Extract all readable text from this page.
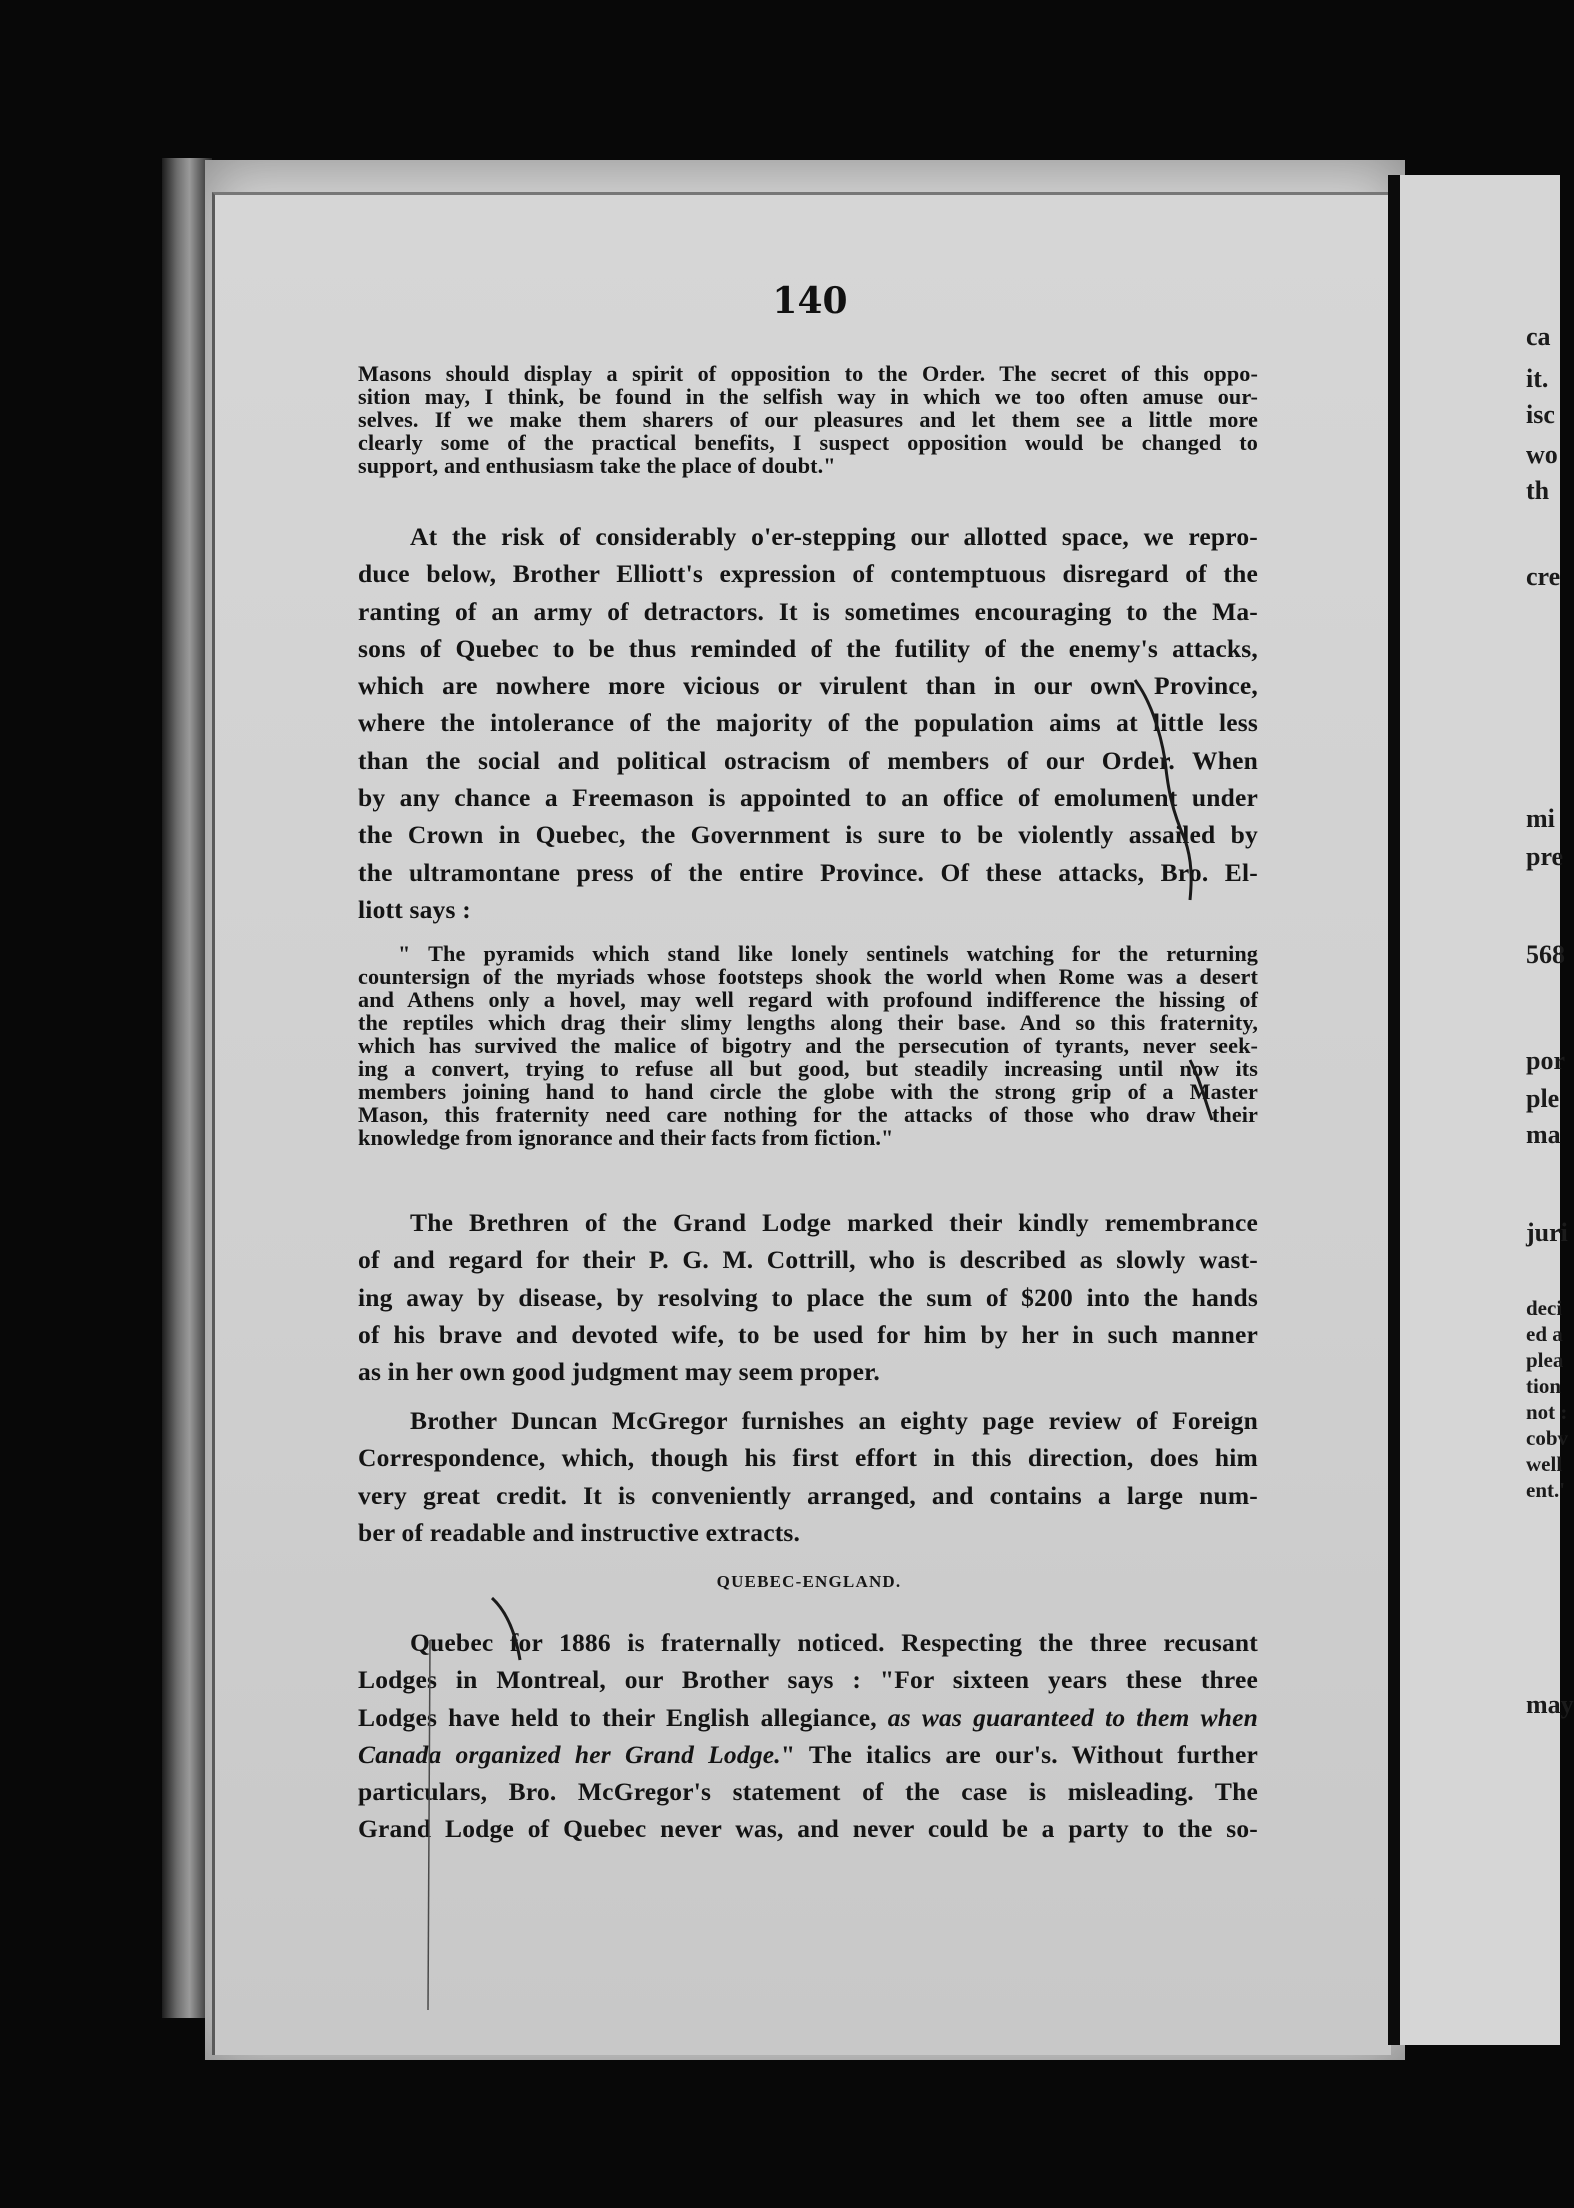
140
Masons should display a spirit of opposition to the Order. The secret of this oppo-
sition may, I think, be found in the selfish way in which we too often amuse our-
selves. If we make them sharers of our pleasures and let them see a little more
clearly some of the practical benefits, I suspect opposition would be changed to
support, and enthusiasm take the place of doubt."
At the risk of considerably o'er-stepping our allotted space, we repro-
duce below, Brother Elliott's expression of contemptuous disregard of the
ranting of an army of detractors. It is sometimes encouraging to the Ma-
sons of Quebec to be thus reminded of the futility of the enemy's attacks,
which are nowhere more vicious or virulent than in our own Province,
where the intolerance of the majority of the population aims at little less
than the social and political ostracism of members of our Order. When
by any chance a Freemason is appointed to an office of emolument under
the Crown in Quebec, the Government is sure to be violently assailed by
the ultramontane press of the entire Province. Of these attacks, Bro. El-
liott says :
" The pyramids which stand like lonely sentinels watching for the returning
countersign of the myriads whose footsteps shook the world when Rome was a desert
and Athens only a hovel, may well regard with profound indifference the hissing of
the reptiles which drag their slimy lengths along their base. And so this fraternity,
which has survived the malice of bigotry and the persecution of tyrants, never seek-
ing a convert, trying to refuse all but good, but steadily increasing until now its
members joining hand to hand circle the globe with the strong grip of a Master
Mason, this fraternity need care nothing for the attacks of those who draw their
knowledge from ignorance and their facts from fiction."
The Brethren of the Grand Lodge marked their kindly remembrance
of and regard for their P. G. M. Cottrill, who is described as slowly wast-
ing away by disease, by resolving to place the sum of $200 into the hands
of his brave and devoted wife, to be used for him by her in such manner
as in her own good judgment may seem proper.
Brother Duncan McGregor furnishes an eighty page review of Foreign
Correspondence, which, though his first effort in this direction, does him
very great credit. It is conveniently arranged, and contains a large num-
ber of readable and instructive extracts.
QUEBEC-ENGLAND.
Quebec for 1886 is fraternally noticed. Respecting the three recusant
Lodges in Montreal, our Brother says : "For sixteen years these three
Lodges have held to their English allegiance, as was guaranteed to them when
Canada organized her Grand Lodge." The italics are our's. Without further
particulars, Bro. McGregor's statement of the case is misleading. The
Grand Lodge of Quebec never was, and never could be a party to the so-
ca
it.
isc
wo
th
cre
mi
pre
568
por
ple
ma
juri
deci
ed a
plea
tion
not :
cobv
well
ent.'
may
